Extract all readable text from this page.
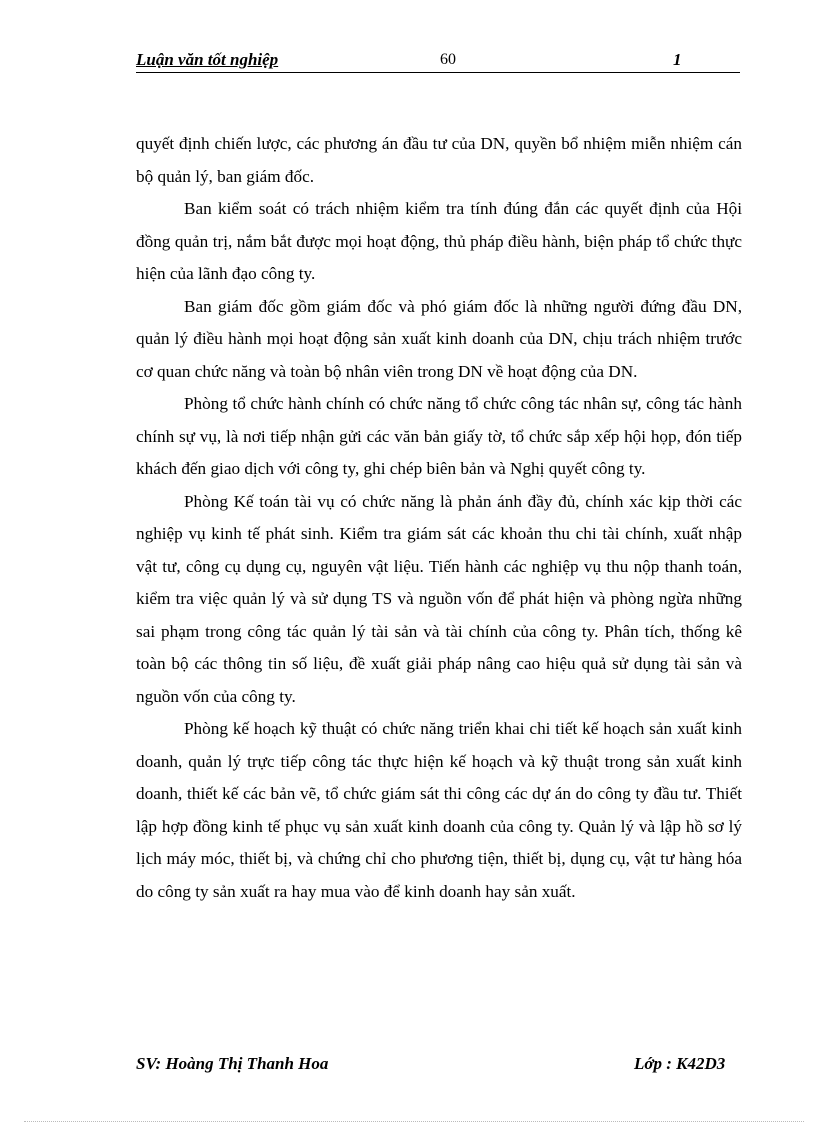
Luận văn tốt nghiệp	60	1

quyết định chiến lược, các phương án đầu tư của DN, quyền bổ nhiệm miễn nhiệm cán bộ quản lý, ban giám đốc.

Ban kiểm soát có trách nhiệm kiểm tra tính đúng đắn các quyết định của Hội đồng quản trị, nắm bắt được mọi hoạt động, thủ pháp điều hành, biện pháp tổ chức thực hiện của lãnh đạo công ty.

Ban giám đốc gồm giám đốc và phó giám đốc là những người đứng đầu DN, quản lý điều hành mọi hoạt động sản xuất kinh doanh của DN, chịu trách nhiệm trước cơ quan chức năng và toàn bộ nhân viên trong DN về hoạt động của DN.

Phòng tổ chức hành chính có chức năng tổ chức công tác nhân sự, công tác hành chính sự vụ, là nơi tiếp nhận gửi các văn bản giấy tờ, tổ chức sắp xếp hội họp, đón tiếp khách đến giao dịch với công ty, ghi chép biên bản và Nghị quyết công ty.

Phòng Kế toán tài vụ có chức năng là phản ánh đầy đủ, chính xác kịp thời các nghiệp vụ kinh tế phát sinh. Kiểm tra giám sát các khoản thu chi tài chính, xuất nhập vật tư, công cụ dụng cụ, nguyên vật liệu. Tiến hành các nghiệp vụ thu nộp thanh toán, kiểm tra việc quản lý và sử dụng TS và nguồn vốn để phát hiện và phòng ngừa những sai phạm trong công tác quản lý tài sản và tài chính của công ty. Phân tích, thống kê toàn bộ các thông tin số liệu, đề xuất giải pháp nâng cao hiệu quả sử dụng tài sản và nguồn vốn của công ty.

Phòng kế hoạch kỹ thuật có chức năng triển khai chi tiết kế hoạch sản xuất kinh doanh, quản lý trực tiếp công tác thực hiện kế hoạch và kỹ thuật trong sản xuất kinh doanh, thiết kế các bản vẽ, tổ chức giám sát thi công các dự án do công ty đầu tư. Thiết lập hợp đồng kinh tế phục vụ sản xuất kinh doanh của công ty. Quản lý và lập hồ sơ lý lịch máy móc, thiết bị, và chứng chỉ cho phương tiện, thiết bị, dụng cụ, vật tư hàng hóa do công ty sản xuất ra hay mua vào để kinh doanh hay sản xuất.

SV: Hoàng Thị Thanh Hoa	Lớp : K42D3
